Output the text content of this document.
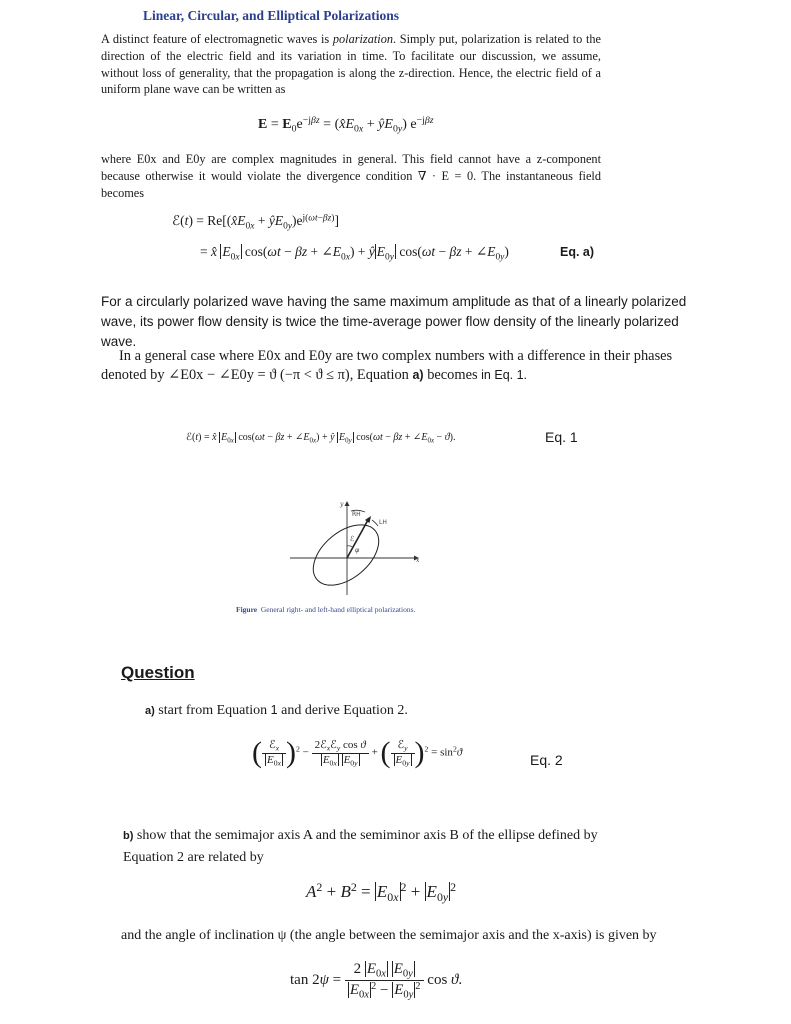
Linear, Circular, and Elliptical Polarizations
A distinct feature of electromagnetic waves is polarization. Simply put, polarization is related to the direction of the electric field and its variation in time. To facilitate our discussion, we assume, without loss of generality, that the propagation is along the z-direction. Hence, the electric field of a uniform plane wave can be written as
$E = E_0e^{-j\beta z}$ = ($x̂E_{0x}$ + $ŷE_{0y}$) $e^{-j\beta z}$
where E0x and E0y are complex magnitudes in general. This field cannot have a z-component because otherwise it would violate the divergence condition ∇ · E = 0. The instantaneous field becomes
ℰ(t) = $Re[(x̂E_{0x}$ + $ŷE_{0y})e^{j(\omega t-\beta z)}$]
= x̂ $E_{0x}$ $\cos(\omega t - \beta z + \angle E_{0x})$ + ŷ $E_{0y}$ $\cos(\omega t - \beta z + \angle E_{0y})$	Eq. a)
For a circularly polarized wave having the same maximum amplitude as that of a linearly polarized wave, its power flow density is twice the time-average power flow density of the linearly polarized wave.
In a general case where E0x and E0y are two complex numbers with a difference in their phases denoted by ∠E0x − ∠E0y = ϑ (−π < ϑ ≤ π), Equation a) becomes in Eq. 1.
ℰ(t) = x̂ $E_{0x}$ $\cos(\omega t - \beta z + \angle E_{0x})$ + ŷ $E_{0y}$ $\cos(\omega t - \beta z + \angle E_{0x} - ϑ)$.	Eq. 1
y
x
RH
LH
ℰ
φ
Figure General right- and left-hand elliptical polarizations.
Question
a) start from Equation 1 and derive Equation 2.
( $\frac{ℰ_x}{E_{0x}} )^2 - \frac{2ℰ_xℰ_y \cos ϑ}{E_{0x} E_{0y}}$ + ( $\frac{ℰ_y}{E_{0y}} )^2 = \sin^2ϑ$	Eq. 2
b) show that the semimajor axis A and the semiminor axis B of the ellipse defined by Equation 2 are related by
$A^2 + B^2 = E_{0x}^2 + E_{0y}^2$
and the angle of inclination ψ (the angle between the semimajor axis and the x-axis) is given by
$\tan 2\psi = \frac{2 E_{0x} E_{0y}}{E_{0x}^2 - E_{0y}^2}$ cos ϑ.
